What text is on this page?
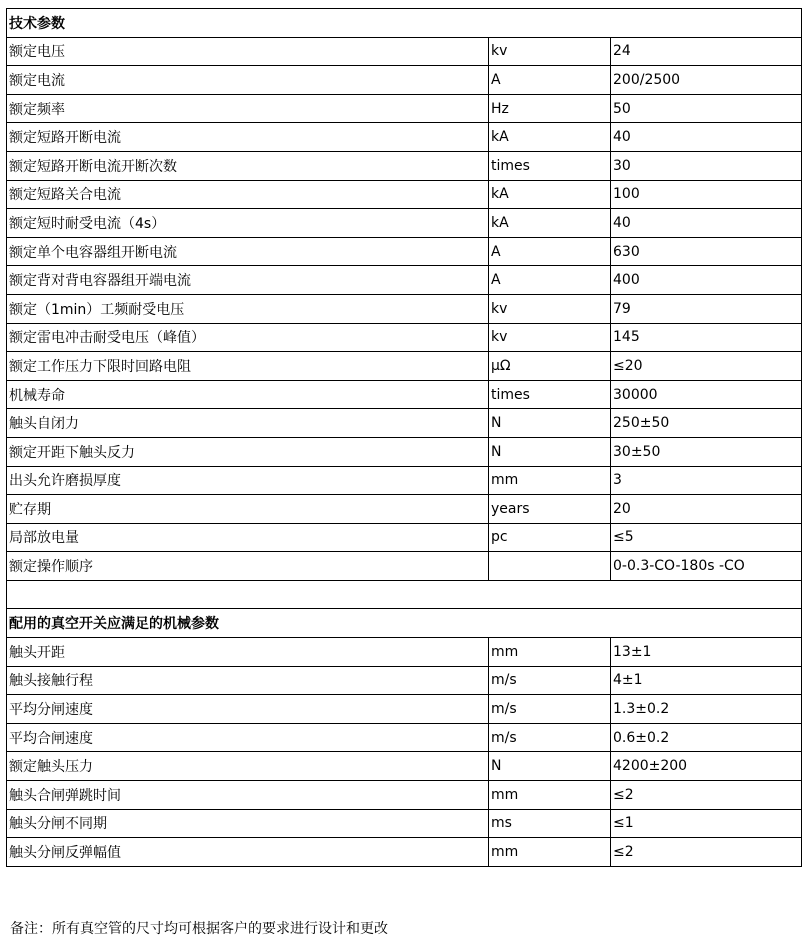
技术参数		
额定电压	kv	24
额定电流	A	200/2500
额定频率	Hz	50
额定短路开断电流	kA	40
额定短路开断电流开断次数	times	30
额定短路关合电流	kA	100
额定短时耐受电流（4s）	kA	40
额定单个电容器组开断电流	A	630
额定背对背电容器组开端电流	A	400
额定（1min）工频耐受电压	kv	79
额定雷电冲击耐受电压（峰值）	kv	145
额定工作压力下限时回路电阻	μΩ	≤20
机械寿命	times	30000
触头自闭力	N	250±50
额定开距下触头反力	N	30±50
出头允许磨损厚度	mm	3
贮存期	years	20
局部放电量	pc	≤5
额定操作顺序		0-0.3-CO-180s -CO

配用的真空开关应满足的机械参数		
触头开距	mm	13±1
触头接触行程	m/s	4±1
平均分闸速度	m/s	1.3±0.2
平均合闸速度	m/s	0.6±0.2
额定触头压力	N	4200±200
触头合闸弹跳时间	mm	≤2
触头分闸不同期	ms	≤1
触头分闸反弹幅值	mm	≤2
备注：所有真空管的尺寸均可根据客户的要求进行设计和更改
